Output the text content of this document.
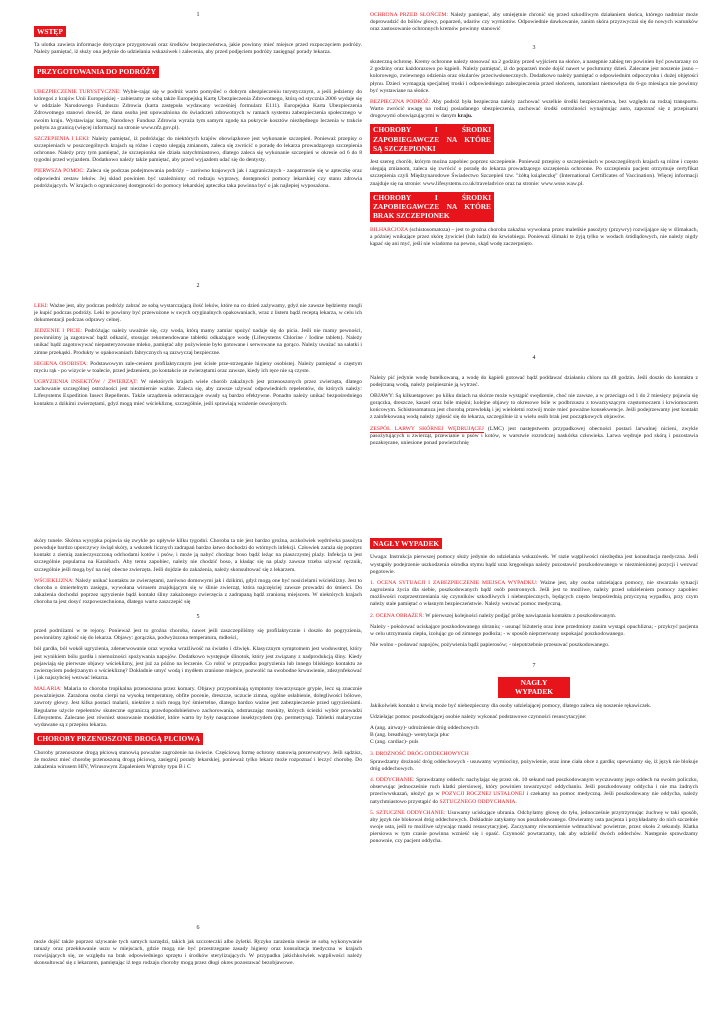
1
WSTĘP

Ta ulotka zawiera informacje dotyczące przygotowań oraz środków bezpieczeństwa, jakie powinny mieć miejsce przed rozpoczęciem podróży. Należy pamiętać, iż służy ona jedynie do udzielania wskazówek i zalecenia, aby przed podjęciem podróży zasięgnąć porady lekarza.

PRZYGOTOWANIA DO PODRÓŻY

UBEZPIECZENIE TURYSTYCZNE: Wybie-rając się w podróż warto pomyśleć o dobrym ubezpieczeniu turystycznym, a jeśli jedziemy do któregoś z krajów Unii Europejskiej - zabieramy ze sobą także Europejską Kartę Ubezpieczenia Zdrowotnego, którą od stycznia 2006 wydaje się w oddziale Narodowego Funduszu Zdrowia (karta zastępuła wydawany wcześniej formularz E111). Europejska Karta Ubezpieczenia Zdrowotnego stanowi dowód, że dana osoba jest upoważniona do świadczeń zdrowotnych w ramach systemu zabezpieczenia społecznego w swoim kraju. Wystawiając kartę, Narodowy Fundusz Zdrowia wyraża tym samym zgodę na pokrycie kosztów niezbędnego leczenia w trakcie pobytu za granicą (więcej informacji na stronie www.nfz.gov.pl).

SZCZEPIENIA I LEKI: Należy pamiętać, iż podróżując do niektórych krajów obowiązkowe jest wykonanie szczepień. Ponieważ przepisy o szczepieniach w poszczególnych krajach są różne i często ulegają zmianom, zaleca się zwrócić o poradę do lekarza prowadzącego szczepienia ochronne. Należy przy tym pamiętać, że szczepionka nie działa natychmiastowo, dlatego zaleca się wykonanie szczepień w okresie od 6 do 8 tygodni przed wyjazdem. Dodatkowo należy także pamiętać, aby przed wyjazdem udać się do dentysty.

PIERWSZA POMOC: Zaleca się podczas podejmowania podróży – zarówno krajowych jak i zagranicznych - zaopatrzenie się w apteczkę oraz odpowiedni zestaw leków. Jej skład powinien być uzależniony od rodzaju wyprawy, dostępności pomocy lekarskiej czy stanu zdrowia podróżujących. W krajach o ograniczonej dostępności do pomocy lekarskiej apteczka taka powinna być o jak najlepiej wyposażona.

2

LEKI: Ważne jest, aby podczas podróży zabrać ze sobą wystarczającą ilość leków, które na co dzień zażywamy, gdyż nie zawsze będziemy mogli je kupić podczas podróży. Leki te powinny być przewożone w swych oryginalnych opakowaniach, wraz z listem bądź receptą lekarza, w celu ich dokumentacji podczas odprawy celnej.

JEDZENIE I PICIE: Podróżując należy uważnie się, czy woda, którą mamy zamiar spożyć nadaje się do picia. Jeśli nie mamy pewności, powinniśmy ją zagotować bądź odkazić, stosując rekomendowane tabletki odkażające wodę (Lifesystems Chlorine / Iodine tablets). Należy unikać bądź zagotowywać niepasteryzowane mleko, pamiętać aby pożywienie było gotowane i serwowane na gorąco. Należy uważać na sałatki i zimne przekąski. Produkty w opakowaniach fabrycznych są zazwyczaj bezpieczne.

HIGIENA OSOBISTA: Podstawowym zale-ceniem profilaktycznym jest ścisłe prze-strzeganie higieny osobistej. Należy pamiętać o częstym myciu rąk - po wizycie w toalecie, przed jedzeniem, po kontakcie ze zwierzętami oraz zawsze, kiedy ich ręce nie są czyste.

UGRYZIENIA INSEKTÓW / ZWIERZĄT: W niektórych krajach wiele chorób zakaźnych jest przenoszonych przez zwierzęta, dlatego zachowanie szczególnej ostrożności jest niezmiernie ważne. Zaleca się, aby zawsze używać odpowiednich repelentów, do których należy: Lifesystems Expedition Insect Repellents. Także urządzenia odstraszające owady są bardzo efektywne. Ponadto należy unikać bezpośredniego kontaktu z dzikimi zwierzętami, gdyż mogą mieć wściekliznę, szczególnie, jeśli sprawiają wrażenie oswojonych.

OCHRONA PRZED SŁOŃCEM: Należy pamiętać, aby umiejętnie chronić się przed szkodliwym działaniem słońca, którego nadmiar może doprowadzić do bólów głowy, poparzeń, udarów czy wymiotów. Odpowiednie dawkowanie, zanim skóra przyzwyczai się do nowych warunków oraz zastosowanie ochronnych kremów powinny stanowić

3

skuteczną ochronę. Kremy ochronne należy stosować na 2 godziny przed wyjściem na słońce, a następnie zabieg ten powinien być powtarzany co 2 godziny oraz każdorazowo po kąpieli. Należy pamiętać, iż do poparzeń może dojść nawet w pochmurny dzień. Zalecane jest noszenie jasno – kolorowego, zwiewnego odzienia oraz okularów przeciwsłonecznych. Dodatkowo należy pamiętać o odpowiednim odpoczynku i dużej objętości płynu. Dzieci wymagają specjalnej troski i odpowiedniego zabezpieczenia przed słońcem, natomiast niemowlęta do 6-go miesiąca nie powinny być wystawiane na słońce.

BEZPIECZNA PODRÓŻ: Aby podróż była bezpieczna należy zachować wszelkie środki bezpieczeństwa, bez względu na rodzaj transportu. Warto zwrócić uwagę na rodzaj posiadanego ubezpieczenia, zachować środki ostrożności wynajmując auto, zapoznać się z przepisami drogowymi obowiązującymi w danym kraju.

CHOROBY I ŚRODKI ZAPOBIEGAWCZE NA KTÓRE SĄ SZCZEPIONKI

Jest szereg chorób, którym można zapobiec poprzez szczepienie. Ponieważ przepisy o szczepieniach w poszczególnych krajach są różne i często ulegają zmianom, zaleca się zwrócić o poradę do lekarza prowadzącego szczepienia ochronne. Po szczepieniu pacjent otrzymuje certyfikat szczepienia czyli Międzynarodowe Świadectwo Szczepień tzw. "żółtą książeczkę" (International Certificates of Vaccination). Więcej informacji znajduje się na stronie: www.lifesystems.co.uk/traveladvice oraz na stronie: www.wsse.waw.pl.

CHOROBY I ŚRODKI ZAPOBIEGAWCZE NA KTÓRE BRAK SZCZEPIONEK

BILHARCJOZA (schistosomatoza) – jest to groźna choroba zakaźna wywołana przez maleńkie pasożyty (przywry) rozwijające się w ślimakach, a później wnikające przez skórę żywiciel (lub ludzi) do krwiobiegu. Ponieważ ślimaki te żyją tylko w wodach śródlądowych, nie należy nigdy kąpać się ani myć, jeśli nie wiadomo na pewno, skąd wodę zaczerpnięto.

4

Należy pić jedynie wodę butelkowaną, a wodę do kąpieli gotować bądź poddawać działaniu chloru na 48 godzin. Jeśli doszło do kontaktu z podejrzaną wodą, należy pośpiesznie ją wytrzeć.

OBJAWY: Są kilkuetapowe: po kilku dniach na skórze może wystąpić swędzenie, choć nie zawsze, a w przeciągu od 1 do 2 miesięcy pojawia się gorączka, dreszcze, kaszel oraz bóle mięśni; kolejne objawy to okresowe bóle w podbrzuszu z towarzyszącym częstomoczem i krwiomoczem końcowym. Schistosomatoza jest chorobą przewlekłą i jej wieloletni rozwój może mieć poważne konsekwencje. Jeśli podejrzewamy jest kontakt z zainfekowaną wodą należy zgłosić się do lekarza, szczególnie iż u wielu osób brak jest początkowych objawów.

ZESPÓŁ LARWY SKÓRNEJ WĘDRUJĄCEJ (LMC) jest następstwem przypadkowej obecności postaci larwalnej nicieni, zwykle pasożytujących u zwierząt, przewianie u psów i kotów, w warstwie rozrodczej naskórka człowieka. Larwa wędruje pod skórą i pozostawia pozakręcane, uniesione ponad powierzchnię

skóry tunele. Skórna wysypka pojawia się zwykle po upływie kilku tygodni. Choroba ta nie jest bardzo groźna, aczkolwiek wędrówka pasożyta powoduje bardzo uporczywy świąd skóry, a wskutek licznych zadrapań bardzo łatwo dochodzi do wtórnych infekcji. Człowiek zaraża się poprzez kontakt z ziemią zanieczyszczoną odchodami kotów i psów, i może ją nabyć chodząc boso bądź leżąc na piaszczystej plaży. Infekcja ta jest szczególnie popularna na Karaibach. Aby temu zapobiec, należy nie chodzić boso, a kładąc się na plaży zawsze trzeba używać ręcznik, szczególnie jeśli mogą być na niej obecne zwierzęta. Jeśli dojdzie do zakażenia, należy skonsultować się z lekarzem.

WŚCIEKLIZNA: Należy unikać kontaktu ze zwierzętami, zarówno domowymi jak i dzikimi, gdyż mogą one być nosicielami wścieklizny. Jest to choroba o śmiertelnym zasięgu, wywołana wirusem znajdującym się w ślinie zwierząt, która najczęściej zawsze prowadzi do śmierci. Do zakażenia dochodzi poprzez ugryzienie bądź kontakt śliny zakażonego zwierzęcia z zadrapaną bądź zranioną miejscem. W niektórych krajach choroba ta jest dosyć rozpowszechniona, dlatego warto zaszczepić się

5

przed podróżami w te rejony. Ponieważ jest to groźna choroba, nawet jeśli zaszczepiliśmy się profilaktycznie i doszło do pogryzienia, powinniśmy zgłosić się do lekarza. Objawy: gorączka, podwyższona temperatura, mdłości,

ból gardła, ból wokół ugryzienia, zdenerwowanie oraz wysoka wrażliwość na światło i dźwięk. Klasycznym symptomem jest wodowstręt, który jest wynikiem bólu gardła i niemożności spożywania napojów. Dodatkowo występuje ślinotok, który jest związany z nadprodukcją śliny. Kiedy pojawiają się pierwsze objawy wścieklizny, jest już za późno na leczenie. Co robić w przypadku pogryzienia lub innego bliskiego kontaktu ze zwierzęciem podejrzanym o wściekliznę? Dokładnie umyć wodą i mydłem zranione miejsce, pozwolić na swobodne krwawienie, zdezynfekować i jak najszybciej wezwać lekarza.

MALARIA: Malaria to choroba tropikalna przenoszona przez komary. Objawy przypominają symptomy towarzyszące grypie, lecz są znacznie poważniejsze. Zarażona osoba cierpi na wysoką temperaturę, obfite pocenie, dreszcze, uczucie zimna, ogólne osłabienie, dolegliwości bólowe, zawroty głowy. Jest kilka postaci malarii, niektóre z nich mogą być śmiertelne, dlatego bardzo ważne jest zabezpieczenie przed ugryzieniami. Regularne użycie repelentów skuteczne ograniczą prawdopodobieństwo zachorowania, odstraszając moskity, których ścieżki wybór prowadzi Lifesystems. Zalecane jest również stosowanie moskitier, które warto by były nasączone insektycydem (np. permetryną). Tabletki malaryczne wydawane są z przepisu lekarza.

CHOROBY PRZENOSZONE DROGĄ PŁCIOWĄ

Choroby przenoszone drogą płciową stanowią poważne zagrożenie na świecie. Częściową formę ochrony stanowią prezerwatywy. Jeśli sądzisz, że możesz mieć chorobę przenoszoną drogą płciową, zasięgnij porady lekarskiej, ponieważ tylko lekarz może rozpoznać i leczyć chorobę. Do zakażenia wirusem HIV, Wirusowym Zapaleniem Wątroby typu B i C

6

może dojść także poprzez używanie tych samych narzędzi, takich jak szczoteczki albo żyletki. Ryzyko zarażenia niesie ze sobą wykonywanie tatuaży oraz przekłuwanie uszu w miejscach, gdzie mogą nie być przestrzegane zasady higieny oraz konsultacja medyczna w krajach rozwijających się, ze względu na brak odpowiedniego sprzętu i środków sterylizujących. W przypadku jakichkolwiek wątpliwości należy skonsultować się z lekarzem, pamiętając iż tego rodzaju choroby mogą przez długi okres pozostawać bezobjawowe.

NAGŁY WYPADEK

Uwaga: Instrukcja pierwszej pomocy służy jedynie do udzielania wskazówek. W razie wątpliwości niezbędna jest konsultacja medyczna. Jeśli wystąpiły podejrzenie uszkodzenia ośrodka stymu bądź uraz kręgosłupa należy pozostawić poszkodowanego w niezmienionej pozycji i wezwać pogotowie.

1. OCENA SYTUACJI I ZABEZPIECZENIE MIEJSCA WYPADKU: Ważne jest, aby osoba udzielająca pomocy, nie stwarzała sytuacji zagrożenia życia dla siebie, poszkodowanych bądź osób postronnych. Jeśli jest to możliwe, należy przed udzieleniem pomocy zapobiec możliwości rozprzestrzeniania się czynników szkodliwych i niebezpiecznych, będących często bezpośrednią przyczyną wypadku, przy czym należy stale pamiętać o własnym bezpieczeństwie. Należy wezwać pomoc medyczną.

2. OCENA OBRAŻEŃ: W pierwszej kolejności należy podjąć próbę nawiązania kontaktu z poszkodowanym.

Należy - położować uciskające poszkodowanego ubraniu; - usunąć biżuterię oraz inne przedmioty zanim wystąpi opuchlizna; - przykryć pacjenta w celu utrzymania ciepła, izolując go od zimnego podłoża; - w sposób nieprzerwany uspokajać poszkodowanego.

Nie wolno - podawać napojów, pożywienia bądź papierosów; - niepotrzebnie przesuwać poszkodowanego.

7
NAGŁY WYPADEK

Jakikolwiek kontakt z krwią może być niebezpieczny dla osoby udzielającej pomocy, dlatego zaleca się noszenie rękawiczek.

Udzielając pomoc poszkodującej osobie należy wykonać podstawowe czynności resuscytacyjne:

A (ang. airway)- udrożnienie dróg oddechowych
B (ang. breathing)- wentylacja płuc
C (ang. cardiac)- puls

3. DROŻNOŚĆ DRÓG ODDECHOWYCH

Sprawdzamy drożność dróg oddechowych - usuwamy wymiociny, pożywienie, oraz inne ciała obce z gardła; upewniamy się, iż język nie blokuje dróg oddechowych.

4. ODDYCHANIE: Sprawdzamy oddech: nachylając się przez ok. 10 sekund nad poszkodowanym wyczuwamy jego oddech na swoim policzku, obserwując jednocześnie ruch klatki piersiowej, który powinien towarzyszyć oddychaniu. Jeśli poszkodowany oddycha i nie ma żadnych przeciwwskazań, ułożyć go w POZYCJI BOCZNEJ USTALONEJ i czekamy na pomoc medyczną. Jeśli poszkodowany nie oddycha, należy natychmiastowo przystąpić do SZTUCZNEGO ODDYCHANIA.

5. SZTUCZNE ODDYCHANIE: Usuwamy uciskające ubrania. Odchylamy głowę do tyłu, jednocześnie przytrzymując żuchwę w taki sposób, aby język nie blokował dróg oddechowych. Dokładnie zatykamy nos poszkodowanego. Otwieramy usta pacjenta i przykładamy do nich szczelnie swoje usta, jeśli to możliwe używając maski resuscytacyjnej. Zaczynamy równomiernie wdmuchiwać powietrze, przez około 2 sekundy. Klatka piersiowa w tym czasie powinna wznieść się i opaść. Czynność powtarzamy, tak aby udzielić dwóch oddechów. Następnie sprawdzamy ponownie, czy pacjent oddycha.
